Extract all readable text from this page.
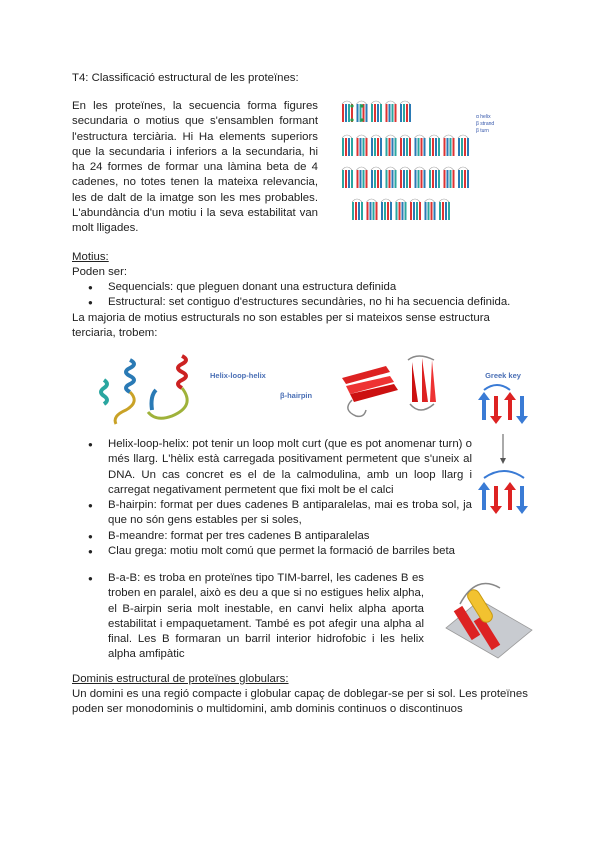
T4: Classificació estructural de les proteïnes:
En les proteïnes, la secuencia forma figures secundaria o motius que s'ensamblen formant l'estructura terciària. Hi Ha elements superiors que la secundaria i inferiors a la secundaria, hi ha 24 formes de formar una làmina beta de 4 cadenes, no totes tenen la mateixa relevancia, les de dalt de la imatge son les mes probables. L'abundància d'un motiu i la seva estabilitat van molt lligades.
α helix
β strand
β turn
Motius:
Poden ser:
● Sequencials: que pleguen donant una estructura definida
● Estructural: set contiguo d'estructures secundàries, no hi ha secuencia definida.
La majoria de motius estructurals no son estables per si mateixos sense estructura terciaria, trobem:
Helix-loop-helix
β-hairpin
Greek key
● Helix-loop-helix: pot tenir un loop molt curt (que es pot anomenar turn) o més llarg. L'hèlix està carregada positivament permetent que s'uneix al DNA. Un cas concret es el de la calmodulina, amb un loop llarg i carregat negativament permetent que fixi molt be el calci
● B-hairpin: format per dues cadenes B antiparalelas, mai es troba sol, ja que no són gens estables per si soles,
● B-meandre: format per tres cadenes B antiparalelas
● Clau grega: motiu molt comú que permet la formació de barriles beta
● B-a-B: es troba en proteïnes tipo TIM-barrel, les cadenes B es troben en paralel, això es deu a que si no estigues helix alpha, el B-airpin seria molt inestable, en canvi helix alpha aporta estabilitat i empaquetament. També es pot afegir una alpha al final. Les B formaran un barril interior hidrofobic i les helix alpha amfipàtic
Dominis estructural de proteïnes globulars:
Un domini es una regió compacte i globular capaç de doblegar-se per si sol. Les proteïnes poden ser monodominis o multidomini, amb dominis continuos o discontinuos
